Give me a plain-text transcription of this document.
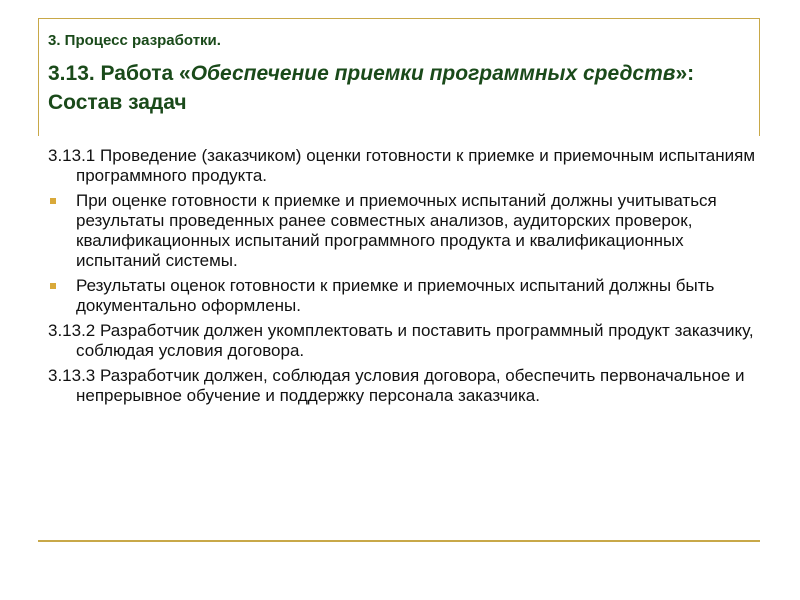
3. Процесс разработки.
3.13. Работа «Обеспечение приемки программных средств»: Состав задач

3.13.1 Проведение (заказчиком) оценки готовности к приемке и приемочным испытаниям программного продукта.

При оценке готовности к приемке и приемочных испытаний должны учитываться результаты проведенных ранее совместных анализов, аудиторских проверок, квалификационных испытаний программного продукта и квалификационных испытаний системы.
Результаты оценок готовности к приемке и приемочных испытаний должны быть документально оформлены.

3.13.2 Разработчик должен укомплектовать и поставить программный продукт заказчику, соблюдая условия договора.

3.13.3 Разработчик должен, соблюдая условия договора, обеспечить первоначальное и непрерывное обучение и поддержку персонала заказчика.
